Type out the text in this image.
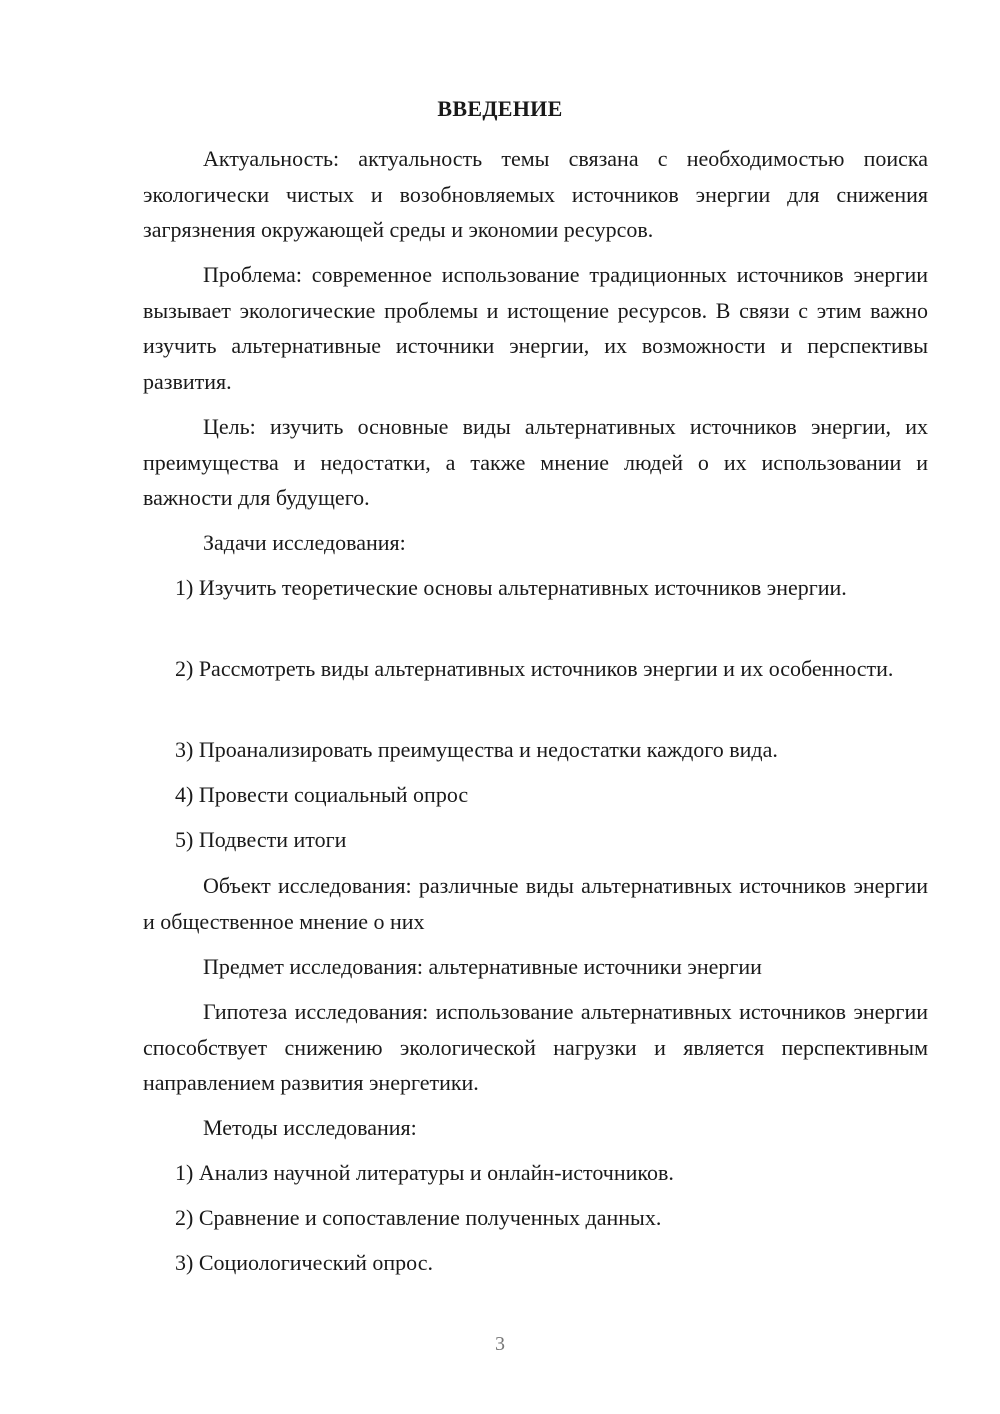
ВВЕДЕНИЕ

Актуальность: актуальность темы связана с необходимостью поиска экологически чистых и возобновляемых источников энергии для снижения загрязнения окружающей среды и экономии ресурсов.

Проблема: современное использование традиционных источников энергии вызывает экологические проблемы и истощение ресурсов. В связи с этим важно изучить альтернативные источники энергии, их возможности и перспективы развития.

Цель: изучить основные виды альтернативных источников энергии, их преимущества и недостатки, а также мнение людей о их использовании и важности для будущего.

Задачи исследования:

1) Изучить теоретические основы альтернативных источников энергии.

2) Рассмотреть виды альтернативных источников энергии и их особенности.

3) Проанализировать преимущества и недостатки каждого вида.

4) Провести социальный опрос

5) Подвести итоги

Объект исследования: различные виды альтернативных источников энергии и общественное мнение о них

Предмет исследования: альтернативные источники энергии

Гипотеза исследования: использование альтернативных источников энергии способствует снижению экологической нагрузки и является перспективным направлением развития энергетики.

Методы исследования:

1) Анализ научной литературы и онлайн-источников.

2) Сравнение и сопоставление полученных данных.

3) Социологический опрос.

3
